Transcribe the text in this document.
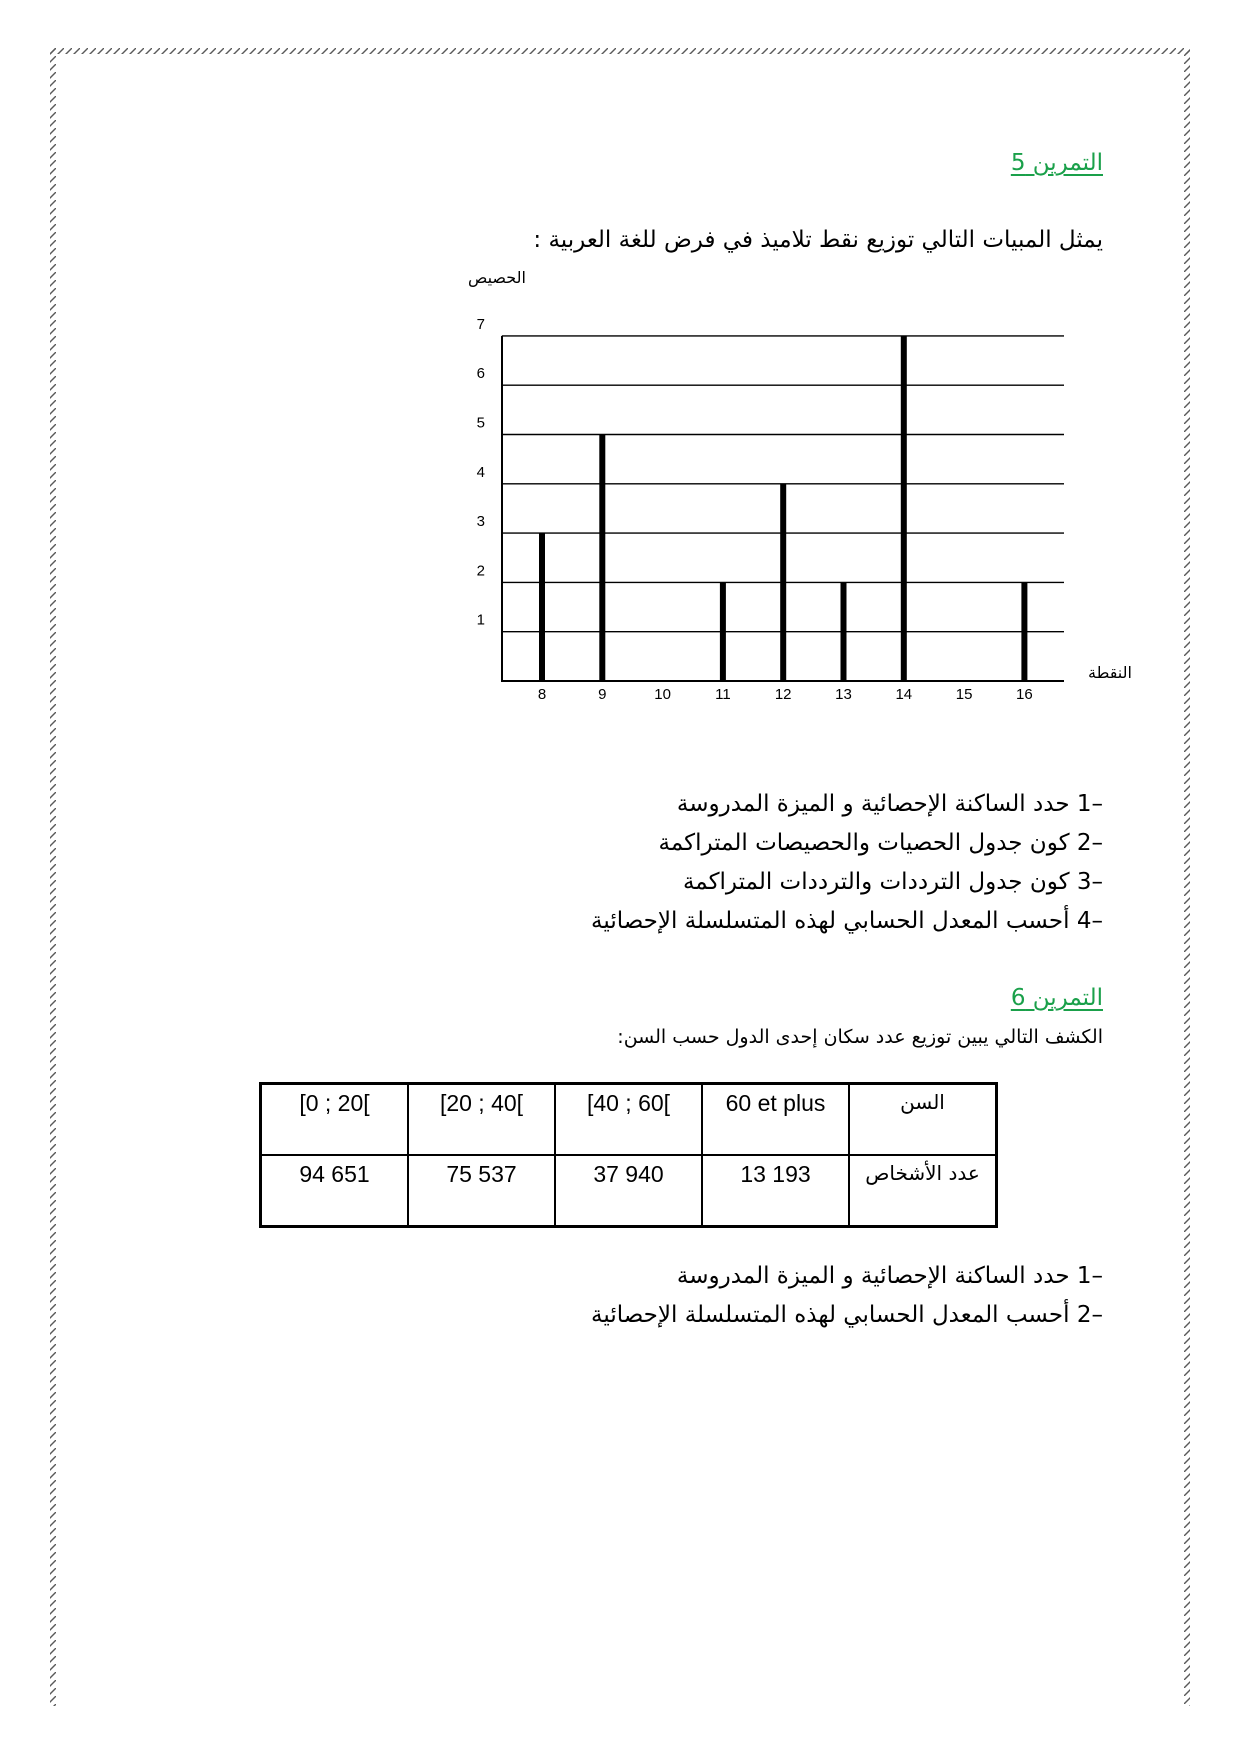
التمرين 5
يمثل المبيات التالي توزيع نقط تلاميذ في فرض للغة العربية :
1
2
3
4
5
6
7
8	9	10	11	12	13	14	15	16
الحصيص
النقطة
–1 حدد الساكنة الإحصائية و الميزة المدروسة
–2 كون جدول الحصيات والحصيصات المتراكمة
–3 كون جدول الترددات والترددات المتراكمة
–4 أحسب المعدل الحسابي لهذه المتسلسلة الإحصائية
التمرين 6
الكشف التالي يبين توزيع عدد سكان إحدى الدول حسب السن:
[0 ; 20[	[20 ; 40[	[40 ; 60[	60 et plus	السن
94 651	75 537	37 940	13 193	عدد الأشخاص
–1 حدد الساكنة الإحصائية و الميزة المدروسة
–2 أحسب المعدل الحسابي لهذه المتسلسلة الإحصائية
